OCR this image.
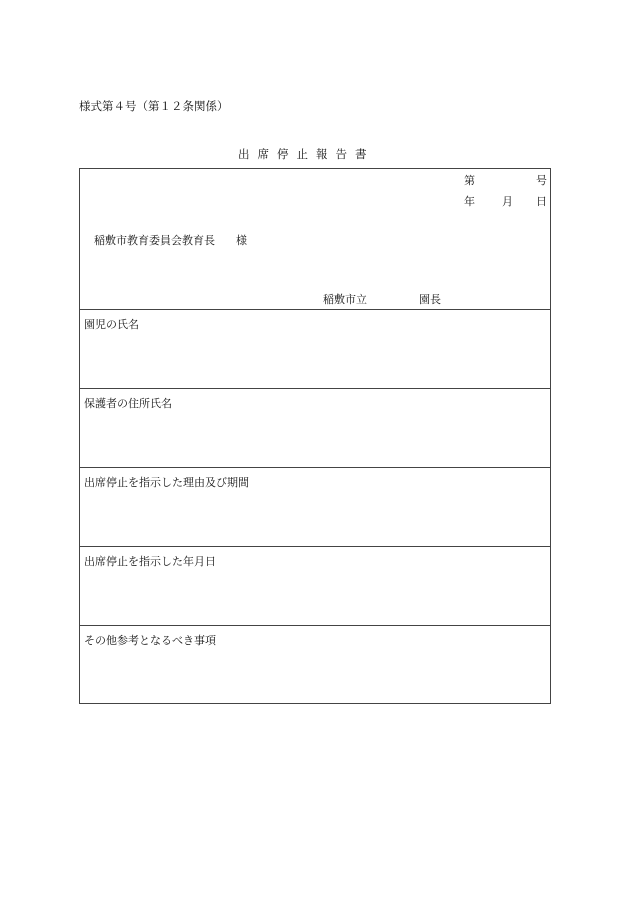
様式第４号（第１２条関係）
出席停止報告書
第	号
年 月 日
稲敷市教育委員会教育長 様
稲敷市立	園長
園児の氏名
保護者の住所氏名
出席停止を指示した理由及び期間
出席停止を指示した年月日
その他参考となるべき事項
